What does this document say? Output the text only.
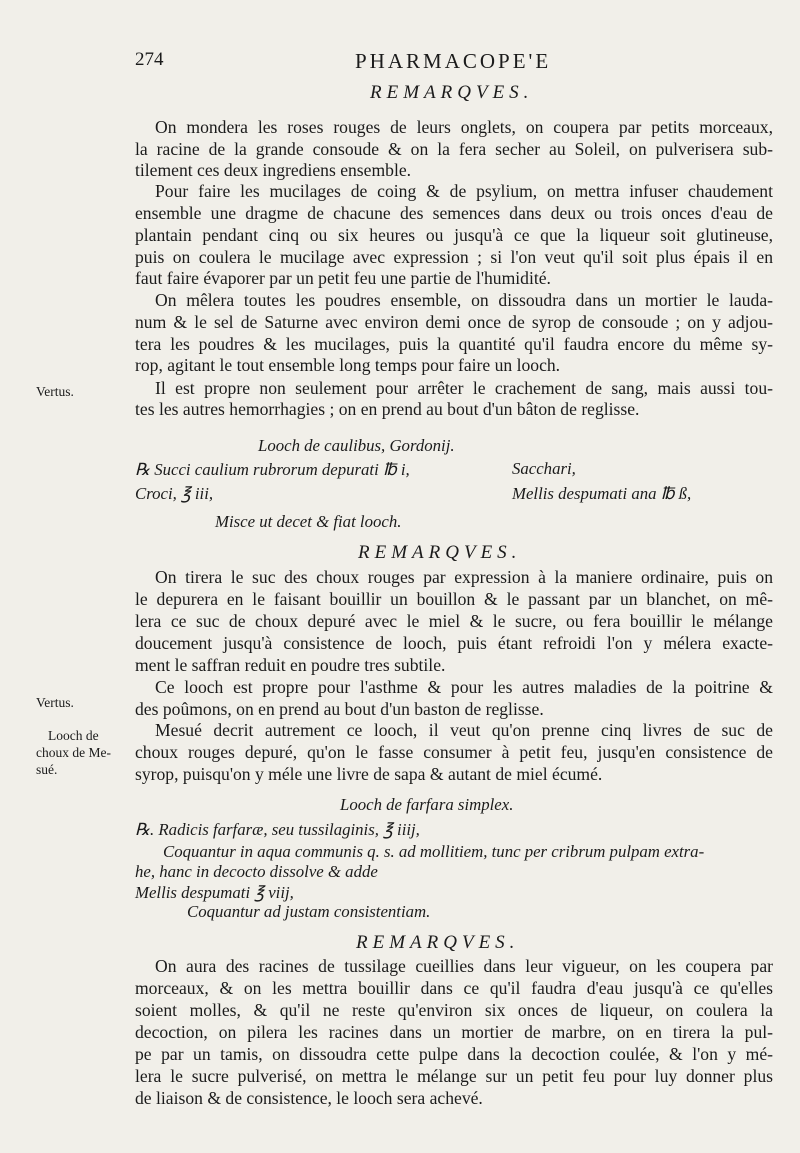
274	PHARMACOPE'E
REMARQVES.
On mondera les roses rouges de leurs onglets, on coupera par petits morceaux,
la racine de la grande consoude & on la fera secher au Soleil, on pulverisera sub-
tilement ces deux ingrediens ensemble.
Pour faire les mucilages de coing & de psylium, on mettra infuser chaudement
ensemble une dragme de chacune des semences dans deux ou trois onces d'eau de
plantain pendant cinq ou six heures ou jusqu'à ce que la liqueur soit glutineuse,
puis on coulera le mucilage avec expression ; si l'on veut qu'il soit plus épais il en
faut faire évaporer par un petit feu une partie de l'humidité.
On mêlera toutes les poudres ensemble, on dissoudra dans un mortier le lauda-
num & le sel de Saturne avec environ demi once de syrop de consoude ; on y adjou-
tera les poudres & les mucilages, puis la quantité qu'il faudra encore du même sy-
rop, agitant le tout ensemble long temps pour faire un looch.
Il est propre non seulement pour arrêter le crachement de sang, mais aussi tou-
tes les autres hemorrhagies ; on en prend au bout d'un bâton de reglisse.
Vertus.
Looch de caulibus, Gordonij.
℞ Succi caulium rubrorum depurati ℔ i,	Sacchari,
Croci, ℥ iii,	Mellis despumati ana ℔ ß,
Misce ut decet & fiat looch.
REMARQVES.
On tirera le suc des choux rouges par expression à la maniere ordinaire, puis on
le depurera en le faisant bouillir un bouillon & le passant par un blanchet, on mê-
lera ce suc de choux depuré avec le miel & le sucre, ou fera bouillir le mélange
doucement jusqu'à consistence de looch, puis étant refroidi l'on y mélera exacte-
ment le saffran reduit en poudre tres subtile.
Ce looch est propre pour l'asthme & pour les autres maladies de la poitrine &
des poûmons, on en prend au bout d'un baston de reglisse.
Mesué decrit autrement ce looch, il veut qu'on prenne cinq livres de suc de
choux rouges depuré, qu'on le fasse consumer à petit feu, jusqu'en consistence de
syrop, puisqu'on y méle une livre de sapa & autant de miel écumé.
Vertus.
Looch de
choux de Me-
sué.
Looch de farfara simplex.
℞. Radicis farfaræ, seu tussilaginis, ℥ iiij,
Coquantur in aqua communis q. s. ad mollitiem, tunc per cribrum pulpam extra-
he, hanc in decocto dissolve & adde
Mellis despumati ℥ viij,
Coquantur ad justam consistentiam.
REMARQVES.
On aura des racines de tussilage cueillies dans leur vigueur, on les coupera par
morceaux, & on les mettra bouillir dans ce qu'il faudra d'eau jusqu'à ce qu'elles
soient molles, & qu'il ne reste qu'environ six onces de liqueur, on coulera la
decoction, on pilera les racines dans un mortier de marbre, on en tirera la pul-
pe par un tamis, on dissoudra cette pulpe dans la decoction coulée, & l'on y mé-
lera le sucre pulverisé, on mettra le mélange sur un petit feu pour luy donner plus
de liaison & de consistence, le looch sera achevé.
